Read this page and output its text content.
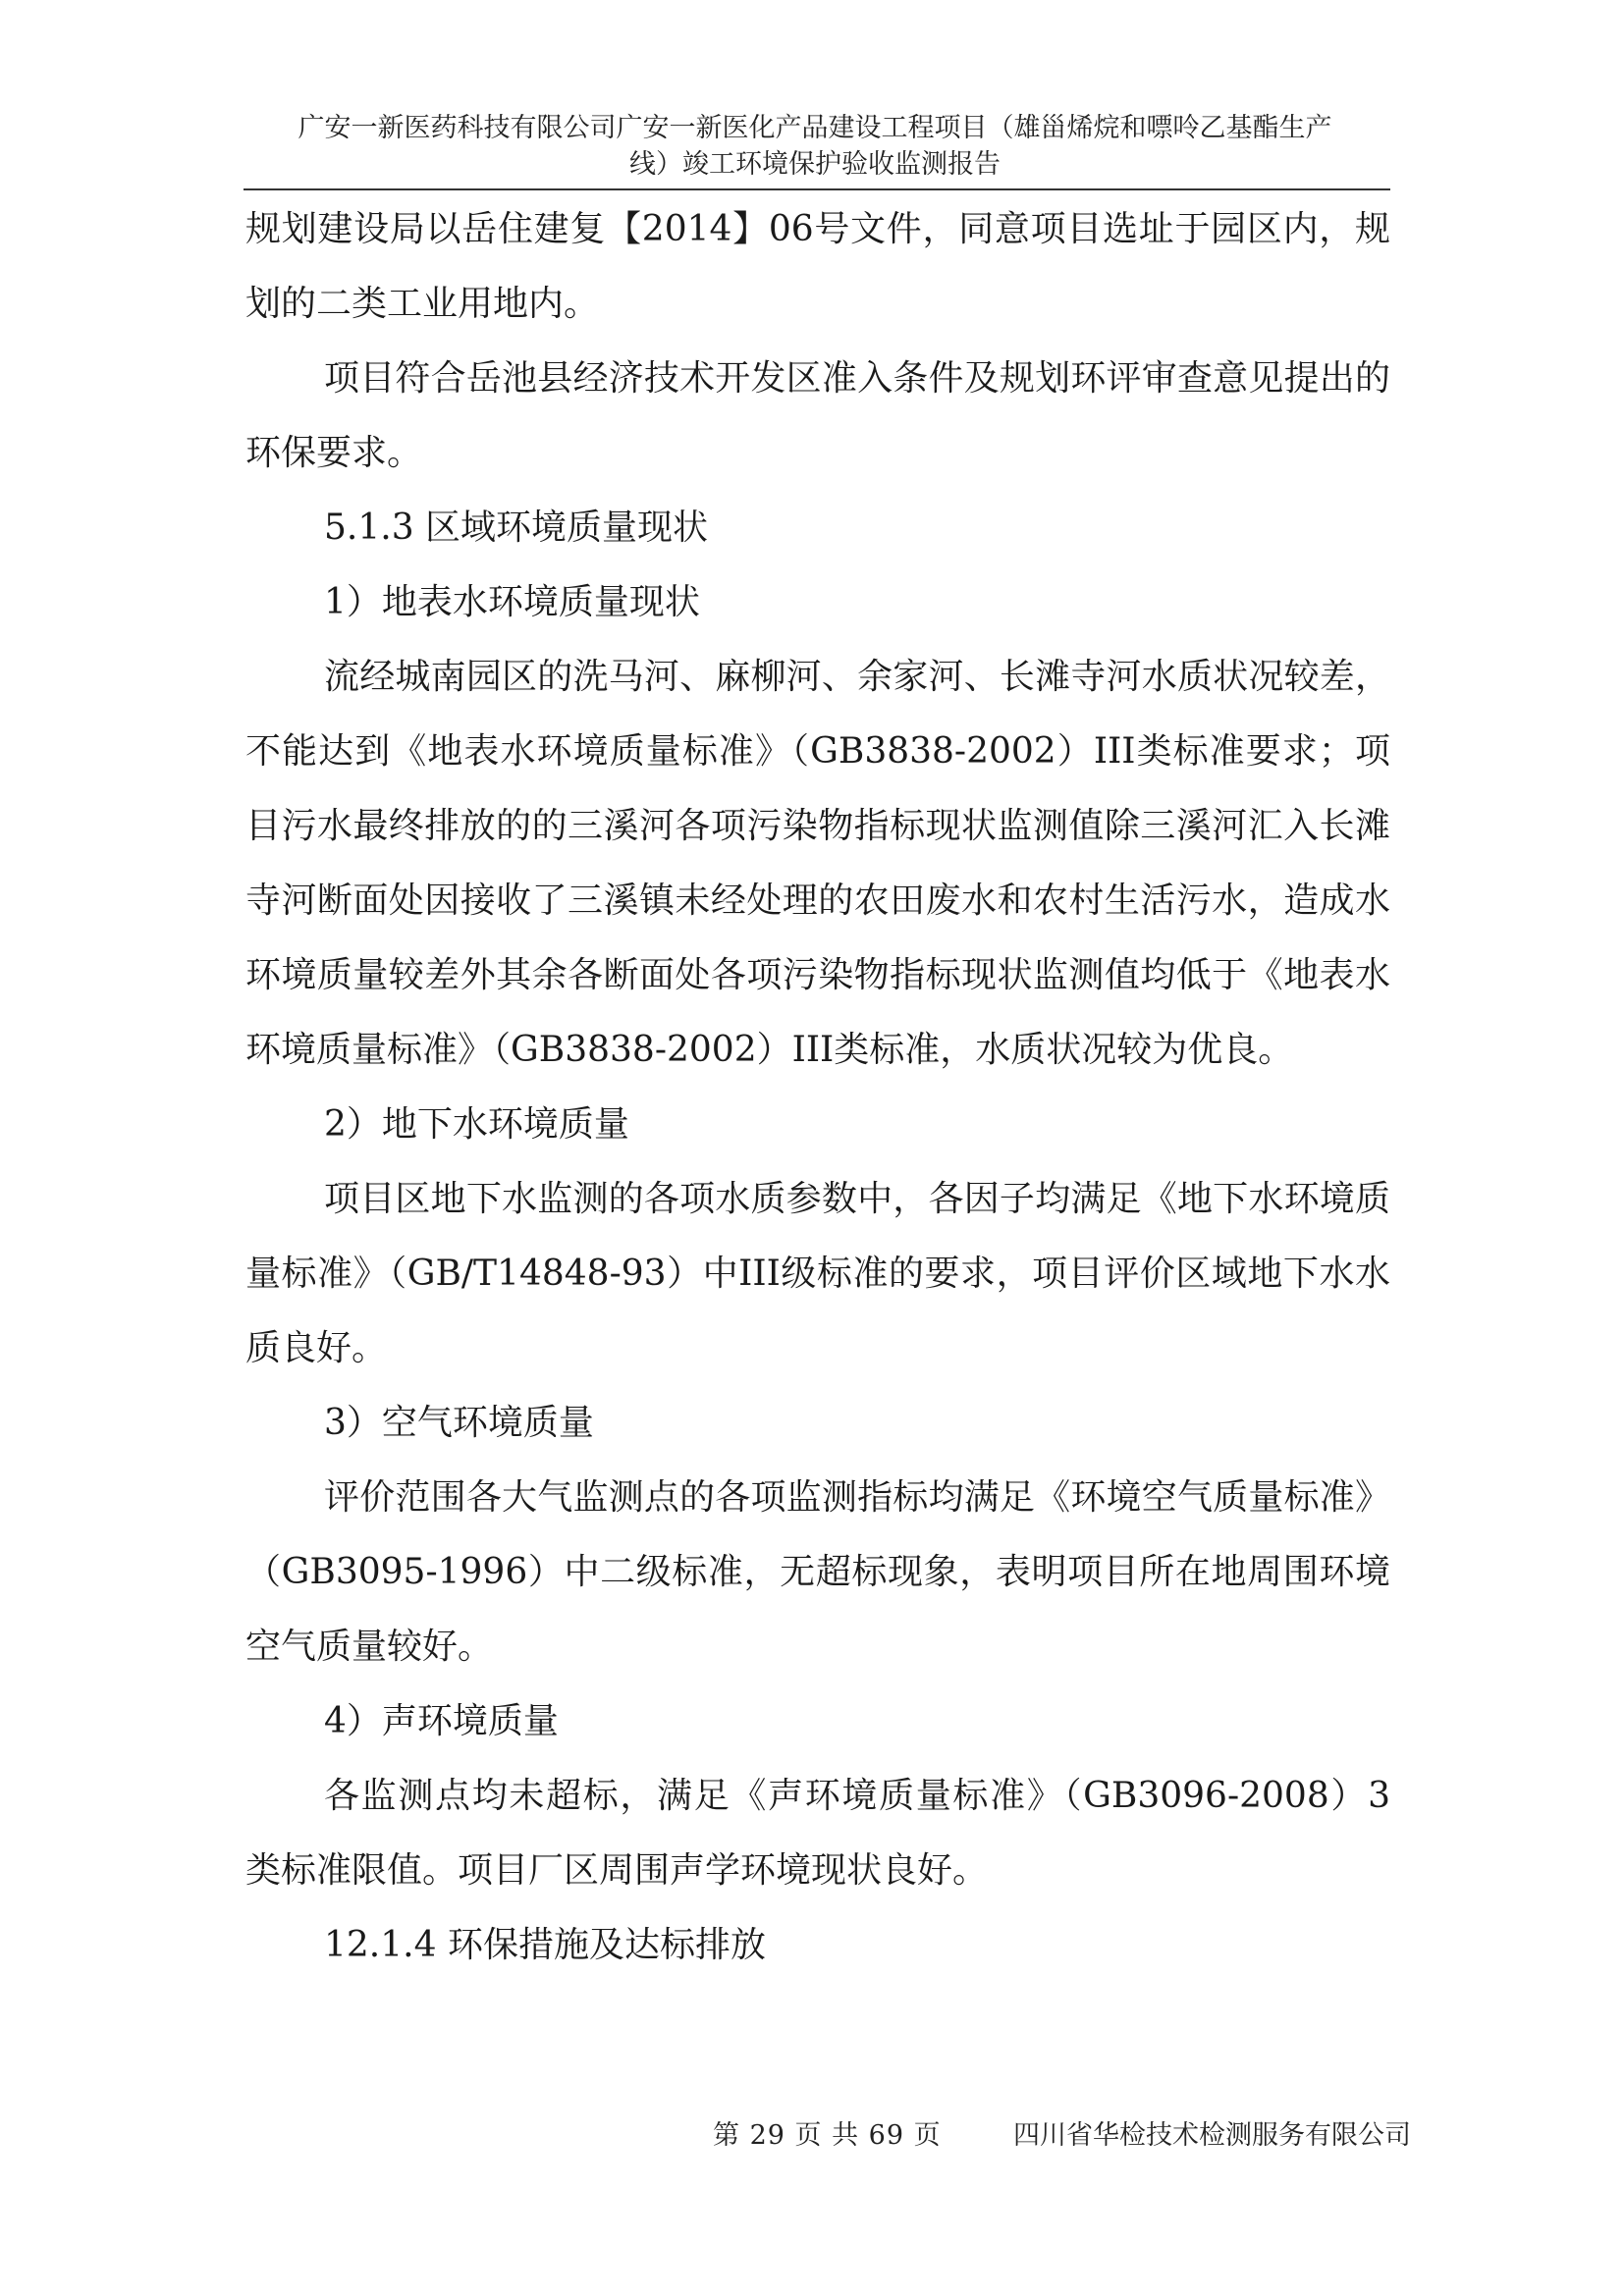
广安一新医药科技有限公司广安一新医化产品建设工程项目（雄甾烯烷和嘌呤乙基酯生产
线）竣工环境保护验收监测报告

规划建设局以岳住建复【2014】06号文件，同意项目选址于园区内，规划的二类工业用地内。

项目符合岳池县经济技术开发区准入条件及规划环评审查意见提出的环保要求。

5.1.3 区域环境质量现状

1）地表水环境质量现状

流经城南园区的洗马河、麻柳河、余家河、长滩寺河水质状况较差，不能达到《地表水环境质量标准》（GB3838-2002）III类标准要求；项目污水最终排放的的三溪河各项污染物指标现状监测值除三溪河汇入长滩寺河断面处因接收了三溪镇未经处理的农田废水和农村生活污水，造成水环境质量较差外其余各断面处各项污染物指标现状监测值均低于《地表水环境质量标准》（GB3838-2002）III类标准，水质状况较为优良。

2）地下水环境质量

项目区地下水监测的各项水质参数中，各因子均满足《地下水环境质量标准》（GB/T14848-93）中III级标准的要求，项目评价区域地下水水质良好。

3）空气环境质量

评价范围各大气监测点的各项监测指标均满足《环境空气质量标准》（GB3095-1996）中二级标准，无超标现象，表明项目所在地周围环境空气质量较好。

4）声环境质量

各监测点均未超标，满足《声环境质量标准》（GB3096-2008）3 类标准限值。项目厂区周围声学环境现状良好。

12.1.4 环保措施及达标排放

第 29 页 共 69 页	四川省华检技术检测服务有限公司
